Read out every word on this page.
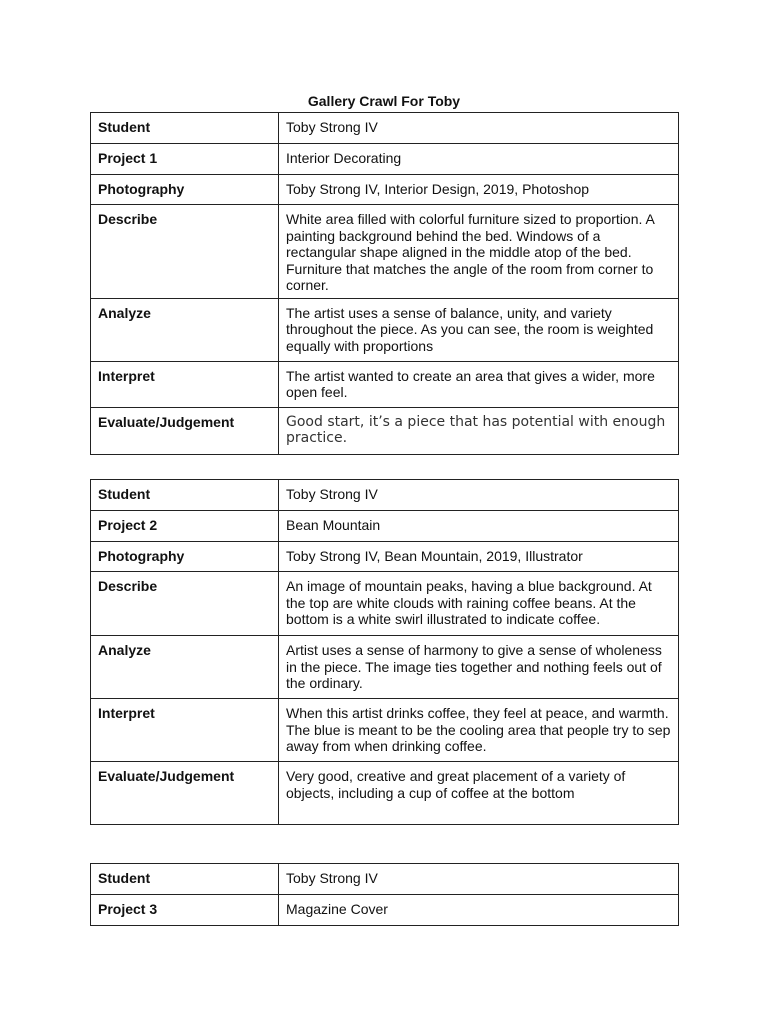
Gallery Crawl For Toby
Student	Toby Strong IV
Project 1	Interior Decorating
Photography	Toby Strong IV, Interior Design, 2019, Photoshop
Describe	White area filled with colorful furniture sized to proportion. A painting background behind the bed. Windows of a rectangular shape aligned in the middle atop of the bed. Furniture that matches the angle of the room from corner to corner.
Analyze	The artist uses a sense of balance, unity, and variety throughout the piece. As you can see, the room is weighted equally with proportions
Interpret	The artist wanted to create an area that gives a wider, more open feel.
Evaluate/Judgement	Good start, it’s a piece that has potential with enough practice.
Student	Toby Strong IV
Project 2	Bean Mountain
Photography	Toby Strong IV, Bean Mountain, 2019, Illustrator
Describe	An image of mountain peaks, having a blue background. At the top are white clouds with raining coffee beans. At the bottom is a white swirl illustrated to indicate coffee.
Analyze	Artist uses a sense of harmony to give a sense of wholeness in the piece. The image ties together and nothing feels out of the ordinary.
Interpret	When this artist drinks coffee, they feel at peace, and warmth. The blue is meant to be the cooling area that people try to sep away from when drinking coffee.
Evaluate/Judgement	Very good, creative and great placement of a variety of objects, including a cup of coffee at the bottom
Student	Toby Strong IV
Project 3	Magazine Cover
